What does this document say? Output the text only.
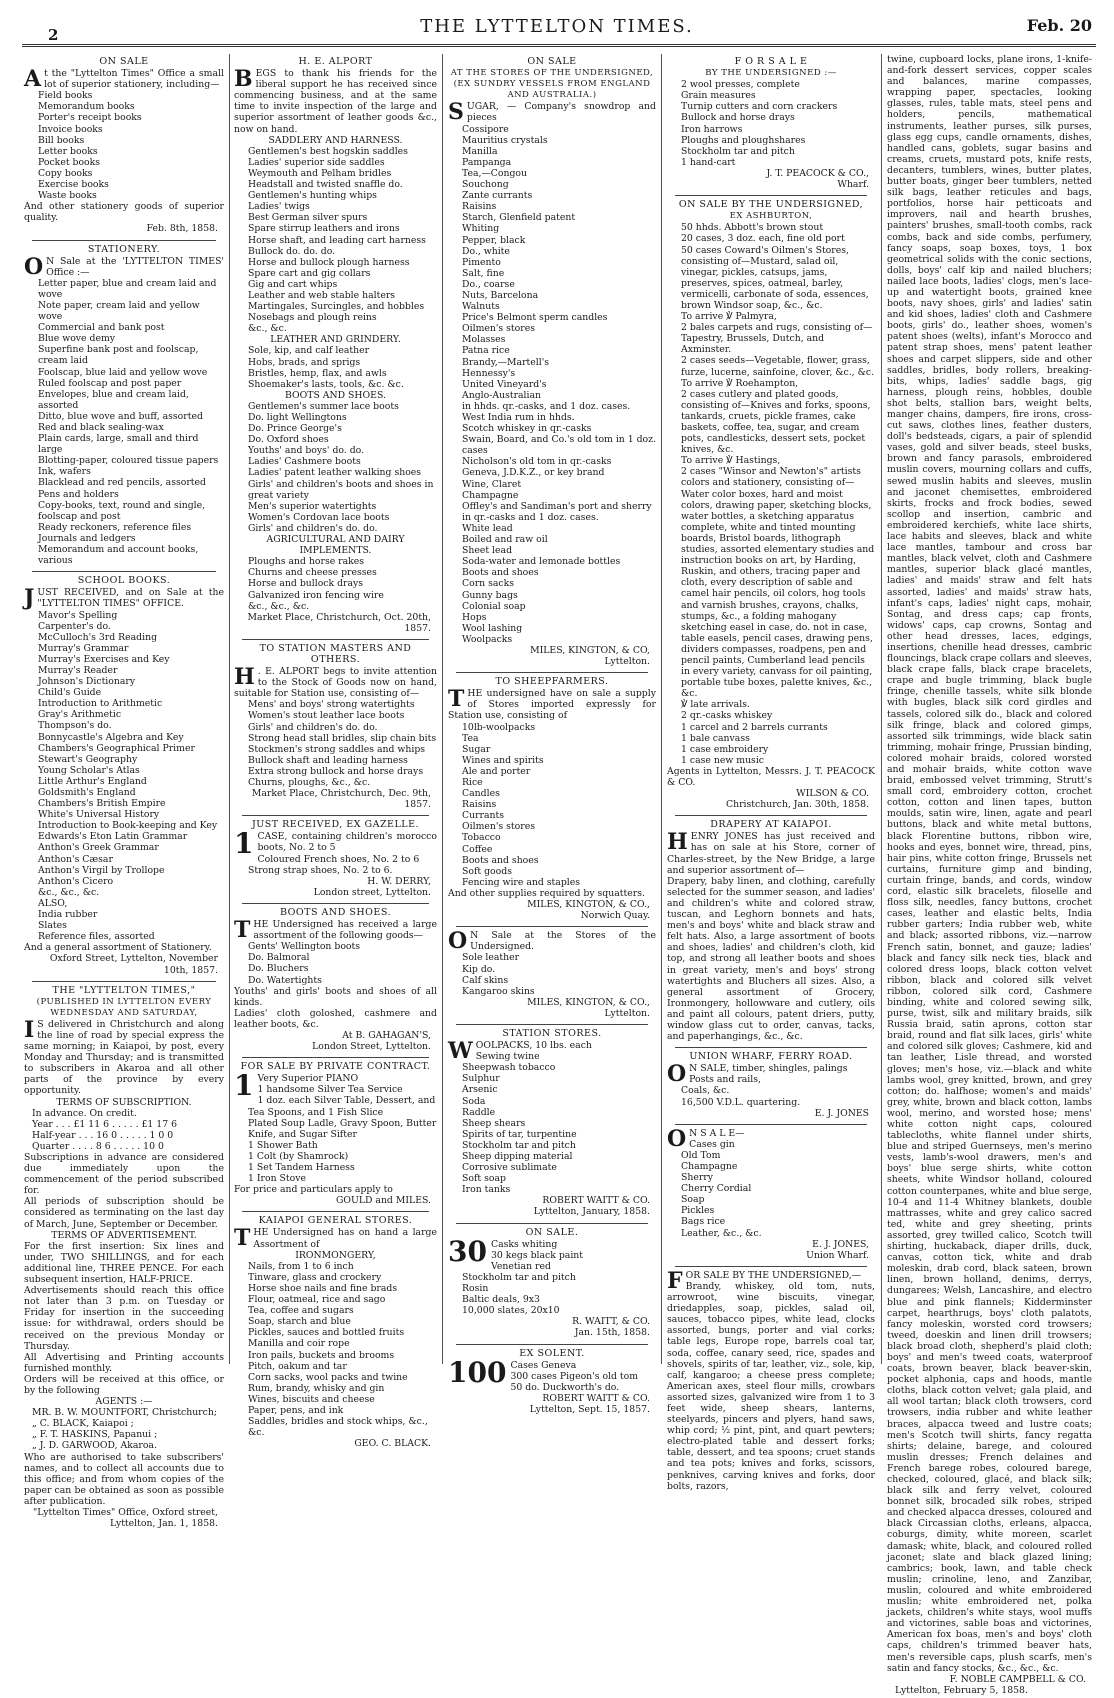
2	THE LYTTELTON TIMES.	Feb. 20
ON SALE

At the "Lyttelton Times" Office a small lot of superior stationery, including—

Field books
Memorandum books
Porter's receipt books
Invoice books
Bill books
Letter books
Pocket books
Copy books
Exercise books
Waste books

And other stationery goods of superior quality.

Feb. 8th, 1858.
STATIONERY.

O N Sale at the 'LYTTELTON TIMES' Office :—

Letter paper, blue and cream laid and wove
Note paper, cream laid and yellow wove
Commercial and bank post
Blue wove demy
Superfine bank post and foolscap, cream laid
Foolscap, blue laid and yellow wove
Ruled foolscap and post paper
Envelopes, blue and cream laid, assorted
Ditto, blue wove and buff, assorted
Red and black sealing-wax
Plain cards, large, small and third large
Blotting-paper, coloured tissue papers
Ink, wafers
Blacklead and red pencils, assorted
Pens and holders
Copy-books, text, round and single, foolscap and post
Ready reckoners, reference files
Journals and ledgers
Memorandum and account books, various
SCHOOL BOOKS.

JUST RECEIVED, and on Sale at the "LYTTELTON TIMES" OFFICE.

Mavor's Spelling
Carpenter's do.
McCulloch's 3rd Reading
Murray's Grammar
Murray's Exercises and Key
Murray's Reader
Johnson's Dictionary
Child's Guide
Introduction to Arithmetic
Gray's Arithmetic
Thompson's do.
Bonnycastle's Algebra and Key
Chambers's Geographical Primer
Stewart's Geography
Young Scholar's Atlas
Little Arthur's England
Goldsmith's England
Chambers's British Empire
White's Universal History
Introduction to Book-keeping and Key
Edwards's Eton Latin Grammar
Anthon's Greek Grammar
Anthon's Cæsar
Anthon's Virgil by Trollope
Anthon's Cicero
&c., &c., &c.
ALSO,
India rubber
Slates
Reference files, assorted

And a general assortment of Stationery.

Oxford Street, Lyttelton, November 10th, 1857.
THE "LYTTELTON TIMES,"
(PUBLISHED IN LYTTELTON EVERY WEDNESDAY AND SATURDAY,

I S delivered in Christchurch and along the line of road by special express the same morning; in Kaiapoi, by post, every Monday and Thursday; and is transmitted to subscribers in Akaroa and all other parts of the province by every opportunity.

TERMS OF SUBSCRIPTION.
In advance. On credit.
Year . . . £1 11 6 . . . . . £1 17 6
Half-year . . . 16 0 . . . . . 1 0 0
Quarter . . . . 8 6 . . . . . 10 0

Subscriptions in advance are considered due immediately upon the commencement of the period subscribed for.

All periods of subscription should be considered as terminating on the last day of March, June, September or December.

TERMS OF ADVERTISEMENT.

For the first insertion: Six lines and under, TWO SHILLINGS, and for each additional line, THREE PENCE. For each subsequent insertion, HALF-PRICE.

Advertisements should reach this office not later than 3 p.m. on Tuesday or Friday for insertion in the succeeding issue: for withdrawal, orders should be received on the previous Monday or Thursday.

All Advertising and Printing accounts furnished monthly.

Orders will be received at this office, or by the following

AGENTS :—
MR. B. W. MOUNTFORT, Christchurch;
„ C. BLACK, Kaiapoi ;
„ F. T. HASKINS, Papanui ;
„ J. D. GARWOOD, Akaroa.

Who are authorised to take subscribers' names, and to collect all accounts due to this office; and from whom copies of the paper can be obtained as soon as possible after publication.

"Lyttelton Times" Office, Oxford street, Lyttelton, Jan. 1, 1858.
H. E. ALPORT

BEGS to thank his friends for the liberal support he has received since commencing business, and at the same time to invite inspection of the large and superior assortment of leather goods &c., now on hand.

SADDLERY AND HARNESS.
Gentlemen's best hogskin saddles
Ladies' superior side saddles
Weymouth and Pelham bridles
Headstall and twisted snaffle do.
Gentlemen's hunting whips
Ladies' twigs
Best German silver spurs
Spare stirrup leathers and irons
Horse shaft, and leading cart harness
Bullock do. do. do.
Horse and bullock plough harness
Spare cart and gig collars
Gig and cart whips
Leather and web stable halters
Martingales, Surcingles, and hobbles
Nosebags and plough reins
&c., &c.
LEATHER AND GRINDERY.
Sole, kip, and calf leather
Hobs, brads, and sprigs
Bristles, hemp, flax, and awls
Shoemaker's lasts, tools, &c. &c.
BOOTS AND SHOES.
Gentlemen's summer lace boots
Do. light Wellingtons
Do. Prince George's
Do. Oxford shoes
Youths' and boys' do. do.
Ladies' Cashmere boots
Ladies' patent leather walking shoes
Girls' and children's boots and shoes in great variety
Men's superior watertights
Women's Cordovan lace boots
Girls' and children's do. do.
AGRICULTURAL AND DAIRY IMPLEMENTS.
Ploughs and horse rakes
Churns and cheese presses
Horse and bullock drays
Galvanized iron fencing wire
&c., &c., &c.
Market Place, Christchurch, Oct. 20th, 1857.
TO STATION MASTERS AND OTHERS.

H . E. ALPORT begs to invite attention to the Stock of Goods now on hand, suitable for Station use, consisting of—

Mens' and boys' strong watertights
Women's stout leather lace boots
Girls' and children's do. do.
Strong head stall bridles, slip chain bits
Stockmen's strong saddles and whips
Bullock shaft and leading harness
Extra strong bullock and horse drays
Churns, ploughs, &c., &c.
Market Place, Christchurch, Dec. 9th, 1857.
JUST RECEIVED, EX GAZELLE.

1 CASE, containing children's morocco boots, No. 2 to 5

Coloured French shoes, No. 2 to 6
Strong strap shoes, No. 2 to 6.
H. W. DERRY,
London street, Lyttelton.
BOOTS AND SHOES.

THE Undersigned has received a large assortment of the following goods—

Gents' Wellington boots
Do. Balmoral
Do. Bluchers
Do. Watertights

Youths' and girls' boots and shoes of all kinds.

Ladies' cloth goloshed, cashmere and leather boots, &c.

At B. GAHAGAN'S,
London Street, Lyttelton.
FOR SALE BY PRIVATE CONTRACT.

1 Very Superior PIANO

1 handsome Silver Tea Service
1 doz. each Silver Table, Dessert, and Tea Spoons, and 1 Fish Slice
Plated Soup Ladle, Gravy Spoon, Butter Knife, and Sugar Sifter
1 Shower Bath
1 Colt (by Shamrock)
1 Set Tandem Harness
1 Iron Stove

For price and particulars apply to

GOULD and MILES.
KAIAPOI GENERAL STORES.

THE Undersigned has on hand a large Assortment of

IRONMONGERY,
Nails, from 1 to 6 inch
Tinware, glass and crockery
Horse shoe nails and fine brads
Flour, oatmeal, rice and sago
Tea, coffee and sugars
Soap, starch and blue
Pickles, sauces and bottled fruits
Manilla and coir rope
Iron pails, buckets and brooms
Pitch, oakum and tar
Corn sacks, wool packs and twine
Rum, brandy, whisky and gin
Wines, biscuits and cheese
Paper, pens, and ink
Saddles, bridles and stock whips, &c., &c.
GEO. C. BLACK.
ON SALE
AT THE STORES OF THE UNDERSIGNED,
(EX SUNDRY VESSELS FROM ENGLAND AND AUSTRALIA.)

SUGAR, — Company's snowdrop and pieces

Cossipore
Mauritius crystals
Manilla
Pampanga
Tea,—Congou
Souchong
Zante currants
Raisins
Starch, Glenfield patent
Whiting
Pepper, black
Do., white
Pimento
Salt, fine
Do., coarse
Nuts, Barcelona
Walnuts
Price's Belmont sperm candles
Oilmen's stores
Molasses
Patna rice
Brandy,—Martell's
Hennessy's
United Vineyard's
Anglo-Australian
in hhds. qr.-casks, and 1 doz. cases.
West India rum in hhds.
Scotch whiskey in qr.-casks
Swain, Board, and Co.'s old tom in 1 doz. cases
Nicholson's old tom in qr.-casks
Geneva, J.D.K.Z., or key brand
Wine, Claret
Champagne
Offley's and Sandiman's port and sherry in qr.-casks and 1 doz. cases.
White lead
Boiled and raw oil
Sheet lead
Soda-water and lemonade bottles
Boots and shoes
Corn sacks
Gunny bags
Colonial soap
Hops
Wool lashing
Woolpacks
MILES, KINGTON, & CO,
Lyttelton.
TO SHEEPFARMERS.

THE undersigned have on sale a supply of Stores imported expressly for Station use, consisting of

10lb-woolpacks
Tea
Sugar
Wines and spirits
Ale and porter
Rice
Candles
Raisins
Currants
Oilmen's stores
Tobacco
Coffee
Boots and shoes
Soft goods
Fencing wire and staples

And other supplies required by squatters.

MILES, KINGTON, & CO.,
Norwich Quay.

O N Sale at the Stores of the Undersigned.

Sole leather
Kip do.
Calf skins
Kangaroo skins
MILES, KINGTON, & CO.,
Lyttelton.
STATION STORES.

WOOLPACKS, 10 lbs. each

Sewing twine
Sheepwash tobacco
Sulphur
Arsenic
Soda
Raddle
Sheep shears
Spirits of tar, turpentine
Stockholm tar and pitch
Sheep dipping material
Corrosive sublimate
Soft soap
Iron tanks
ROBERT WAITT & CO.
Lyttelton, January, 1858.
ON SALE.

30 Casks whiting

30 kegs black paint
Venetian red
Stockholm tar and pitch
Rosin
Baltic deals, 9x3
10,000 slates, 20x10
R. WAITT, & CO.
Jan. 15th, 1858.
EX SOLENT.

100 Cases Geneva

300 cases Pigeon's old tom
50 do. Duckworth's do.
ROBERT WAITT & CO.
Lyttelton, Sept. 15, 1857.
F O R S A L E
BY THE UNDERSIGNED :—
2 wool presses, complete
Grain measures
Turnip cutters and corn crackers
Bullock and horse drays
Iron harrows
Ploughs and ploughshares
Stockholm tar and pitch
1 hand-cart
J. T. PEACOCK & CO.,
Wharf.
ON SALE BY THE UNDERSIGNED,
EX ASHBURTON,
50 hhds. Abbott's brown stout
20 cases, 3 doz. each, fine old port
50 cases Coward's Oilmen's Stores, consisting of—Mustard, salad oil, vinegar, pickles, catsups, jams, preserves, spices, oatmeal, barley, vermicelli, carbonate of soda, essences, brown Windsor soap, &c., &c.
To arrive ℣ Palmyra,
2 bales carpets and rugs, consisting of—Tapestry, Brussels, Dutch, and Axminster.
2 cases seeds—Vegetable, flower, grass, furze, lucerne, sainfoine, clover, &c., &c.
To arrive ℣ Roehampton,
2 cases cutlery and plated goods, consisting of—Knives and forks, spoons, tankards, cruets, pickle frames, cake baskets, coffee, tea, sugar, and cream pots, candlesticks, dessert sets, pocket knives, &c.
To arrive ℣ Hastings,
2 cases "Winsor and Newton's" artists colors and stationery, consisting of—Water color boxes, hard and moist colors, drawing paper, sketching blocks, water bottles, a sketching apparatus complete, white and tinted mounting boards, Bristol boards, lithograph studies, assorted elementary studies and instruction books on art, by Harding, Ruskin, and others, tracing paper and cloth, every description of sable and camel hair pencils, oil colors, hog tools and varnish brushes, crayons, chalks, stumps, &c., a folding mahogany sketching easel in case, do. not in case, table easels, pencil cases, drawing pens, dividers compasses, roadpens, pen and pencil paints, Cumberland lead pencils in every variety, canvass for oil painting, portable tube boxes, palette knives, &c., &c.
℣ late arrivals.
2 qr.-casks whiskey
1 carcel and 2 barrels currants
1 bale canvass
1 case embroidery
1 case new music

Agents in Lyttelton, Messrs. J. T. PEACOCK & CO.

WILSON & CO.
Christchurch, Jan. 30th, 1858.
DRAPERY AT KAIAPOI.

HENRY JONES has just received and has on sale at his Store, corner of Charles-street, by the New Bridge, a large and superior assortment of—

Drapery, baby linen, and clothing, carefully selected for the summer season, and ladies' and children's white and colored straw, tuscan, and Leghorn bonnets and hats, men's and boys' white and black straw and felt hats. Also, a large assortment of boots and shoes, ladies' and children's cloth, kid top, and strong all leather boots and shoes in great variety, men's and boys' strong watertights and Bluchers all sizes. Also, a general assortment of Grocery, Ironmongery, hollowware and cutlery, oils and paint all colours, patent driers, putty, window glass cut to order, canvas, tacks, and paperhangings, &c., &c.

UNION WHARF, FERRY ROAD.

O N SALE, timber, shingles, palings

Posts and rails,
Coals, &c.
16,500 V.D.L. quartering.
E. J. JONES

O N S A L E—

Cases gin
Old Tom
Champagne
Sherry
Cherry Cordial
Soap
Pickles
Bags rice
Leather, &c., &c.
E. J. JONES,
Union Wharf.

FOR SALE BY THE UNDERSIGNED,—

Brandy, whiskey, old tom, nuts, arrowroot, wine biscuits, vinegar, driedapples, soap, pickles, salad oil, sauces, tobacco pipes, white lead, clocks assorted, bungs, porter and vial corks; table legs, Europe rope, barrels coal tar, soda, coffee, canary seed, rice, spades and shovels, spirits of tar, leather, viz., sole, kip, calf, kangaroo; a cheese press complete; American axes, steel flour mills, crowbars assorted sizes, galvanized wire from 1 to 3 feet wide, sheep shears, lanterns, steelyards, pincers and plyers, hand saws, whip cord; ½ pint, pint, and quart pewters; electro-plated table and dessert forks; table, dessert, and tea spoons; cruet stands and tea pots; knives and forks, scissors, penknives, carving knives and forks, door bolts, razors,

twine, cupboard locks, plane irons, 1-knife-and-fork dessert services, copper scales and balances, marine compasses, wrapping paper, spectacles, looking glasses, rules, table mats, steel pens and holders, pencils, mathematical instruments, leather purses, silk purses, glass egg cups, candle ornaments, dishes, handled cans, goblets, sugar basins and creams, cruets, mustard pots, knife rests, decanters, tumblers, wines, butter plates, butter boats, ginger beer tumblers, netted silk bags, leather reticules and bags, portfolios, horse hair petticoats and improvers, nail and hearth brushes, painters' brushes, small-tooth combs, rack combs, back and side combs, perfumery, fancy soaps, soap boxes, toys, 1 box geometrical solids with the conic sections, dolls, boys' calf kip and nailed bluchers; nailed lace boots, ladies' clogs, men's lace-up and watertight boots, grained knee boots, navy shoes, girls' and ladies' satin and kid shoes, ladies' cloth and Cashmere boots, girls' do., leather shoes, women's patent shoes (welts), infant's Morocco and patent strap shoes, mens' patent leather shoes and carpet slippers, side and other saddles, bridles, body rollers, breaking-bits, whips, ladies' saddle bags, gig harness, plough reins, hobbles, double shot belts, stallion bars, weight belts, manger chains, dampers, fire irons, cross-cut saws, clothes lines, feather dusters, doll's bedsteads, cigars, a pair of splendid vases, gold and silver beads, steel busks, brown and fancy parasols, embroidered muslin covers, mourning collars and cuffs, sewed muslin habits and sleeves, muslin and jaconet chemisettes, embroidered skirts, frocks and frock bodies, sewed scollop and insertion, cambric and embroidered kerchiefs, white lace shirts, lace habits and sleeves, black and white lace mantles, tambour and cross bar mantles, black velvet, cloth and Cashmere mantles, superior black glacé mantles, ladies' and maids' straw and felt hats assorted, ladies' and maids' straw hats, infant's caps, ladies' night caps, mohair, Sontag, and dress caps; cap fronts, widows' caps, cap crowns, Sontag and other head dresses, laces, edgings, insertions, chenille head dresses, cambric flouncings, black crape collars and sleeves, black crape falls, black crape bracelets, crape and bugle trimming, black bugle fringe, chenille tassels, white silk blonde with bugles, black silk cord girdles and tassels, colored silk do., black and colored silk fringe, black and colored gimps, assorted silk trimmings, wide black satin trimming, mohair fringe, Prussian binding, colored mohair braids, colored worsted and mohair braids, white cotton wave braid, embossed velvet trimming, Strutt's small cord, embroidery cotton, crochet cotton, cotton and linen tapes, button moulds, satin wire, linen, agate and pearl buttons, black and white metal buttons, black Florentine buttons, ribbon wire, hooks and eyes, bonnet wire, thread, pins, hair pins, white cotton fringe, Brussels net curtains, furniture gimp and binding, curtain fringe, bands, and cords, window cord, elastic silk bracelets, filoselle and floss silk, needles, fancy buttons, crochet cases, leather and elastic belts, India rubber garters; India rubber web, white and black; assorted ribbons, viz.—narrow French satin, bonnet, and gauze; ladies' black and fancy silk neck ties, black and colored dress loops, black cotton velvet ribbon, black and colored silk velvet ribbon, colored silk cord, Cashmere binding, white and colored sewing silk, purse, twist, silk and military braids, silk Russia braid, satin aprons, cotton star braid, round and flat silk laces, girls' white and colored silk gloves; Cashmere, kid and tan leather, Lisle thread, and worsted gloves; men's hose, viz.—black and white lambs wool, grey knitted, brown, and grey cotton; do. halfhose; women's and maids' grey, white, brown and black cotton, lambs wool, merino, and worsted hose; mens' white cotton night caps, coloured tablecloths, white flannel under shirts, blue and striped Guernseys, men's merino vests, lamb's-wool drawers, men's and boys' blue serge shirts, white cotton sheets, white Windsor holland, coloured cotton counterpanes, white and blue serge, 10-4 and 11-4 Whitney blankets, double mattrasses, white and grey calico sacred ted, white and grey sheeting, prints assorted, grey twilled calico, Scotch twill shirting, huckaback, diaper drills, duck, canvas, cotton tick, white and drab moleskin, drab cord, black sateen, brown linen, brown holland, denims, derrys, dungarees; Welsh, Lancashire, and electro blue and pink flannels; Kidderminster carpet, hearthrugs, boys' cloth palatots, fancy moleskin, worsted cord trowsers; tweed, doeskin and linen drill trowsers; black broad cloth, shepherd's plaid cloth; boys' and men's tweed coats, waterproof coats, brown beaver, black beaver-skin, pocket alphonia, caps and hoods, mantle cloths, black cotton velvet; gala plaid, and all wool tartan; black cloth trowsers, cord trowsers, india rubber and white leather braces, alpacca tweed and lustre coats; men's Scotch twill shirts, fancy regatta shirts; delaine, barege, and coloured muslin dresses; French delaines and French barege robes, coloured barege, checked, coloured, glacé, and black silk; black silk and ferry velvet, coloured bonnet silk, brocaded silk robes, striped and checked alpacca dresses, coloured and black Circassian cloths, erleans, alpacca, coburgs, dimity, white moreen, scarlet damask; white, black, and coloured rolled jaconet; slate and black glazed lining; cambrics; book, lawn, and table check muslin; crinoline, leno, and Zanzibar, muslin, coloured and white embroidered muslin; white embroidered net, polka jackets, children's white stays, wool muffs and victorines, sable boas and victorines, American fox boas, men's and boys' cloth caps, children's trimmed beaver hats, men's reversible caps, plush scarfs, men's satin and fancy stocks, &c., &c., &c.

F. NOBLE CAMPBELL & CO.
Lyttelton, February 5, 1858.
